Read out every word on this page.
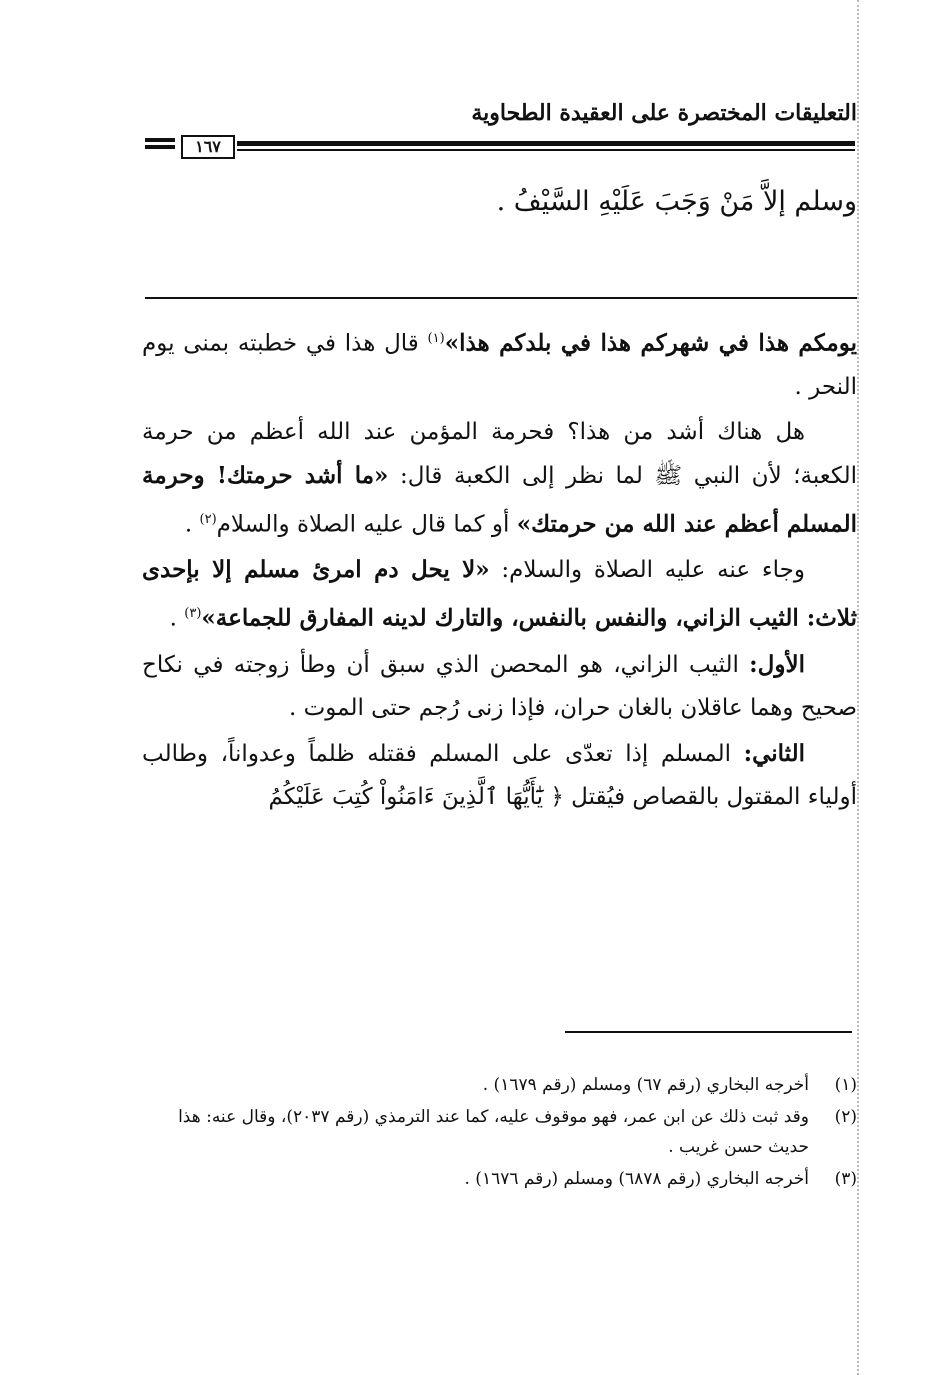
التعليقات المختصرة على العقيدة الطحاوية
١٦٧
وسلم إلاَّ مَنْ وَجَبَ عَلَيْهِ السَّيْفُ .

يومكم هذا في شهركم هذا في بلدكم هذا»$^{(١)}$ قال هذا في خطبته بمنى يوم النحر .

هل هناك أشد من هذا؟ فحرمة المؤمن عند الله أعظم من حرمة الكعبة؛ لأن النبي ﷺ لما نظر إلى الكعبة قال: «ما أشد حرمتك! وحرمة المسلم أعظم عند الله من حرمتك» أو كما قال عليه الصلاة والسلام$^{(٢)}$ .

وجاء عنه عليه الصلاة والسلام: «لا يحل دم امرئ مسلم إلا بإحدى ثلاث: الثيب الزاني، والنفس بالنفس، والتارك لدينه المفارق للجماعة»$^{(٣)}$ .

الأول: الثيب الزاني، هو المحصن الذي سبق أن وطأ زوجته في نكاح صحيح وهما عاقلان بالغان حران، فإذا زنى رُجم حتى الموت .

الثاني: المسلم إذا تعدّى على المسلم فقتله ظلماً وعدواناً، وطالب أولياء المقتول بالقصاص فيُقتل ﴿ يَٰٓأَيُّهَا ٱلَّذِينَ ءَامَنُواْ كُتِبَ عَلَيْكُمُ

(١)
أخرجه البخاري (رقم ٦٧) ومسلم (رقم ١٦٧٩) .
(٢)
وقد ثبت ذلك عن ابن عمر، فهو موقوف عليه، كما عند الترمذي (رقم ٢٠٣٧)، وقال عنه: هذا حديث حسن غريب .
(٣)
أخرجه البخاري (رقم ٦٨٧٨) ومسلم (رقم ١٦٧٦) .
